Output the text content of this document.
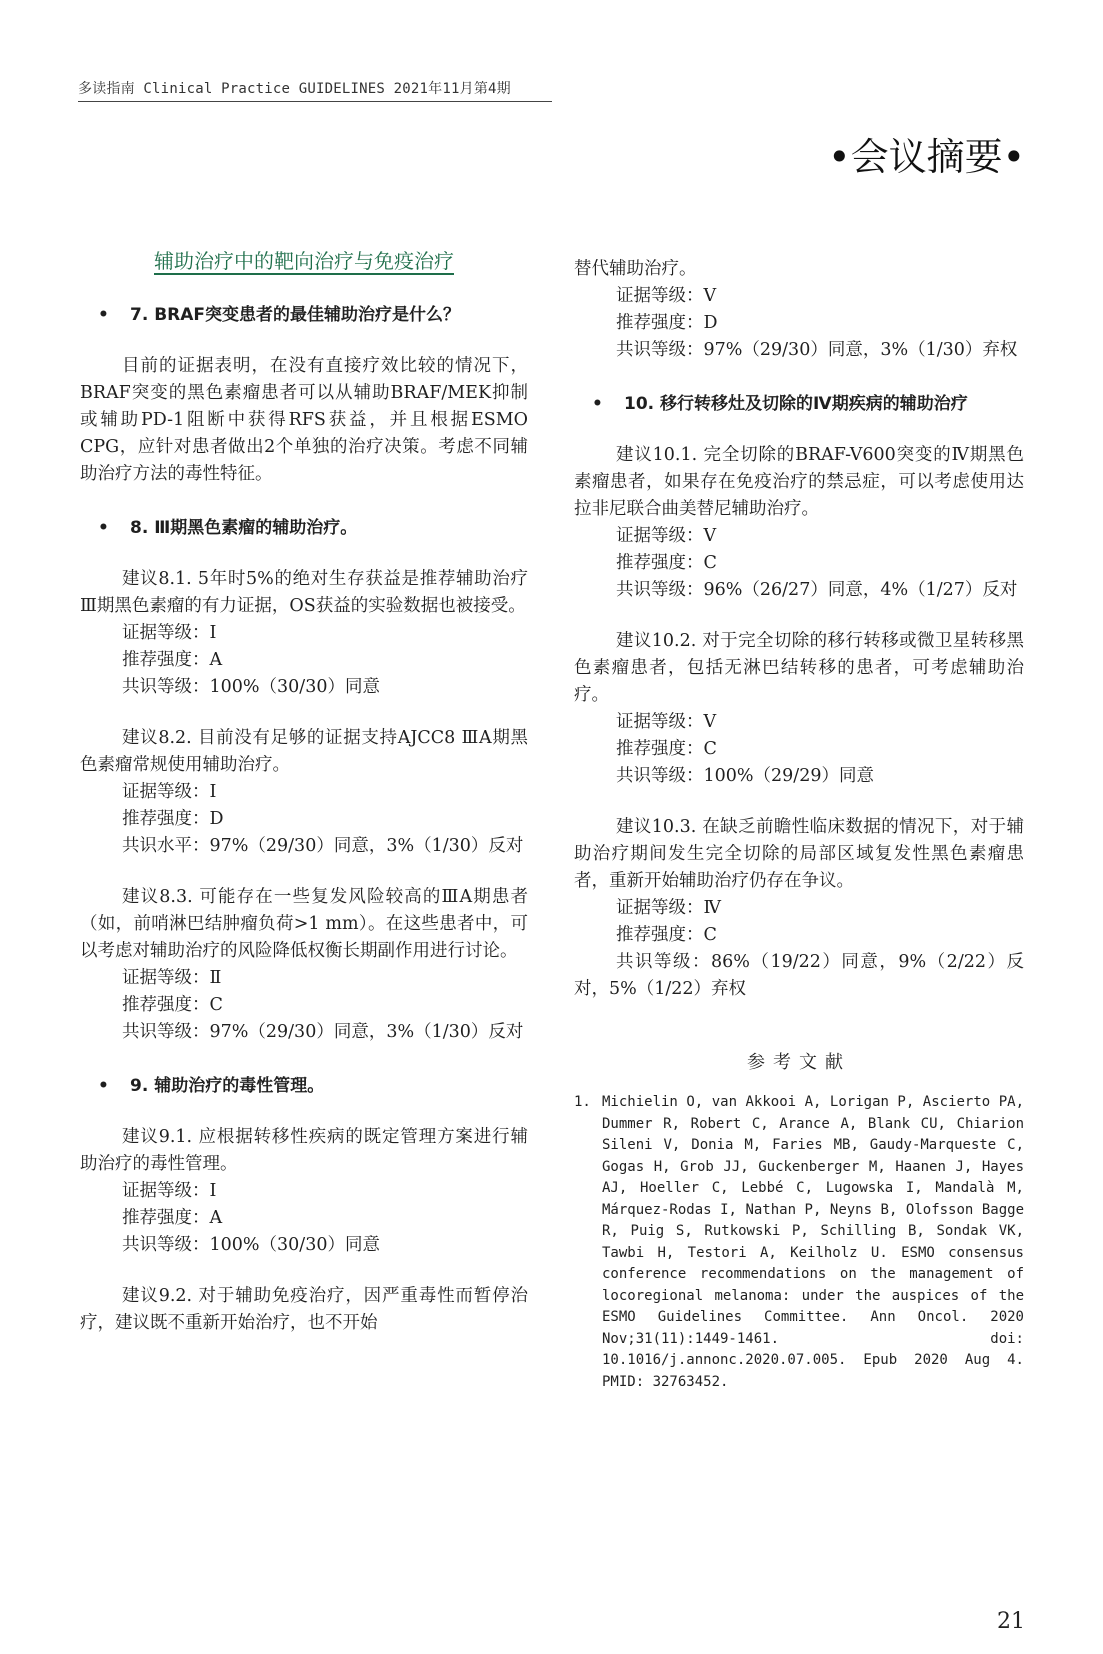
多读指南 Clinical Practice GUIDELINES 2021年11月第4期
•会议摘要•
辅助治疗中的靶向治疗与免疫治疗
•	7. BRAF突变患者的最佳辅助治疗是什么？

目前的证据表明，在没有直接疗效比较的情况下，BRAF突变的黑色素瘤患者可以从辅助BRAF/MEK抑制或辅助PD-1阻断中获得RFS获益，并且根据ESMO CPG，应针对患者做出2个单独的治疗决策。考虑不同辅助治疗方法的毒性特征。

•	8. Ⅲ期黑色素瘤的辅助治疗。

建议8.1. 5年时5%的绝对生存获益是推荐辅助治疗Ⅲ期黑色素瘤的有力证据，OS获益的实验数据也被接受。

证据等级：Ⅰ

推荐强度：A

共识等级：100%（30/30）同意

建议8.2. 目前没有足够的证据支持AJCC8 ⅢA期黑色素瘤常规使用辅助治疗。

证据等级：Ⅰ

推荐强度：D

共识水平：97%（29/30）同意，3%（1/30）反对

建议8.3. 可能存在一些复发风险较高的ⅢA期患者（如，前哨淋巴结肿瘤负荷>1 mm）。在这些患者中，可以考虑对辅助治疗的风险降低权衡长期副作用进行讨论。

证据等级：Ⅱ

推荐强度：C

共识等级：97%（29/30）同意，3%（1/30）反对

•	9. 辅助治疗的毒性管理。

建议9.1. 应根据转移性疾病的既定管理方案进行辅助治疗的毒性管理。

证据等级：Ⅰ

推荐强度：A

共识等级：100%（30/30）同意

建议9.2. 对于辅助免疫治疗，因严重毒性而暂停治疗，建议既不重新开始治疗，也不开始

替代辅助治疗。

证据等级：Ⅴ

推荐强度：D

共识等级：97%（29/30）同意，3%（1/30）弃权

•	10. 移行转移灶及切除的Ⅳ期疾病的辅助治疗

建议10.1. 完全切除的BRAF-V600突变的Ⅳ期黑色素瘤患者，如果存在免疫治疗的禁忌症，可以考虑使用达拉非尼联合曲美替尼辅助治疗。

证据等级：Ⅴ

推荐强度：C

共识等级：96%（26/27）同意，4%（1/27）反对

建议10.2. 对于完全切除的移行转移或微卫星转移黑色素瘤患者，包括无淋巴结转移的患者，可考虑辅助治疗。

证据等级：Ⅴ

推荐强度：C

共识等级：100%（29/29）同意

建议10.3. 在缺乏前瞻性临床数据的情况下，对于辅助治疗期间发生完全切除的局部区域复发性黑色素瘤患者，重新开始辅助治疗仍存在争议。

证据等级：Ⅳ

推荐强度：C

共识等级：86%（19/22）同意，9%（2/22）反对，5%（1/22）弃权

参考文献
1. Michielin O, van Akkooi A, Lorigan P, Ascierto PA, Dummer R, Robert C, Arance A, Blank CU, Chiarion Sileni V, Donia M, Faries MB, Gaudy-Marqueste C, Gogas H, Grob JJ, Guckenberger M, Haanen J, Hayes AJ, Hoeller C, Lebbé C, Lugowska I, Mandalà M, Márquez-Rodas I, Nathan P, Neyns B, Olofsson Bagge R, Puig S, Rutkowski P, Schilling B, Sondak VK, Tawbi H, Testori A, Keilholz U. ESMO consensus conference recommendations on the management of locoregional melanoma: under the auspices of the ESMO Guidelines Committee. Ann Oncol. 2020 Nov;31(11):1449-1461. doi: 10.1016/j.annonc.2020.07.005. Epub 2020 Aug 4. PMID: 32763452.
21
